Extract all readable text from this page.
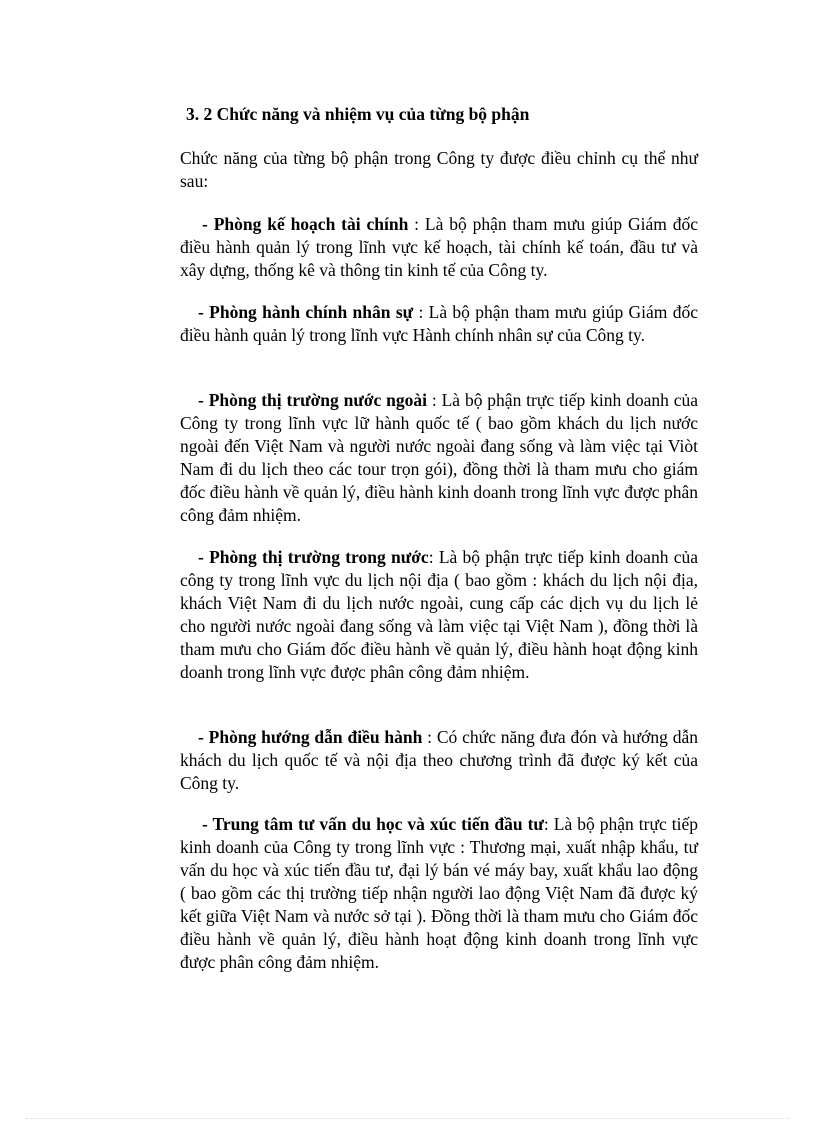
3. 2 Chức năng và nhiệm vụ của từng bộ phận

Chức năng của từng bộ phận trong Công ty được điều chỉnh cụ thể như sau:

- Phòng kế hoạch tài chính : Là bộ phận tham mưu giúp Giám đốc điều hành quản lý trong lĩnh vực kế hoạch, tài chính kế toán, đầu tư và xây dựng, thống kê và thông tin kinh tế của Công ty.

- Phòng hành chính nhân sự : Là bộ phận tham mưu giúp Giám đốc điều hành quản lý trong lĩnh vực Hành chính nhân sự của Công ty.

- Phòng thị trường nước ngoài : Là bộ phận trực tiếp kinh doanh của Công ty trong lĩnh vực lữ hành quốc tế ( bao gồm khách du lịch nước ngoài đến Việt Nam và người nước ngoài đang sống và làm việc tại Viòt Nam đi du lịch theo các tour trọn gói), đồng thời là tham mưu cho giám đốc điều hành về quản lý, điều hành kinh doanh trong lĩnh vực được phân công đảm nhiệm.

- Phòng thị trường trong nước: Là bộ phận trực tiếp kinh doanh của công ty trong lĩnh vực du lịch nội địa ( bao gồm : khách du lịch nội địa, khách Việt Nam đi du lịch nước ngoài, cung cấp các dịch vụ du lịch lẻ cho người nước ngoài đang sống và làm việc tại Việt Nam ), đồng thời là tham mưu cho Giám đốc điều hành về quản lý, điều hành hoạt động kinh doanh trong lĩnh vực được phân công đảm nhiệm.

- Phòng hướng dẫn điều hành : Có chức năng đưa đón và hướng dẫn khách du lịch quốc tế và nội địa theo chương trình đã được ký kết của Công ty.

- Trung tâm tư vấn du học và xúc tiến đầu tư: Là bộ phận trực tiếp kinh doanh của Công ty trong lĩnh vực : Thương mại, xuất nhập khẩu, tư vấn du học và xúc tiến đầu tư, đại lý bán vé máy bay, xuất khẩu lao động ( bao gồm các thị trường tiếp nhận người lao động Việt Nam đã được ký kết giữa Việt Nam và nước sở tại ). Đồng thời là tham mưu cho Giám đốc điều hành về quản lý, điều hành hoạt động kinh doanh trong lĩnh vực được phân công đảm nhiệm.
